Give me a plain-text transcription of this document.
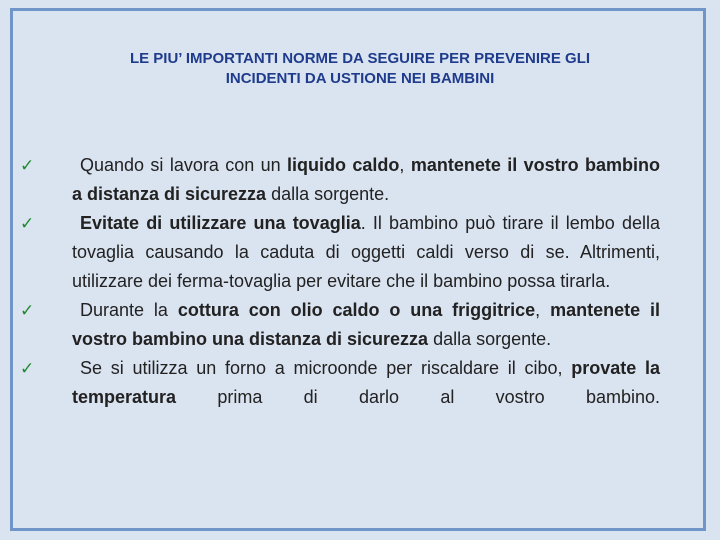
LE PIU’ IMPORTANTI NORME DA SEGUIRE PER PREVENIRE GLI
INCIDENTI DA USTIONE NEI BAMBINI
✓	Quando si lavora con un liquido caldo, mantenete il vostro bambino a distanza di sicurezza dalla sorgente.
✓	Evitate di utilizzare una tovaglia. Il bambino può tirare il lembo della tovaglia causando la caduta di oggetti caldi verso di se. Altrimenti, utilizzare dei ferma-tovaglia per evitare che il bambino possa tirarla.
✓	Durante la cottura con olio caldo o una friggitrice, mantenete il vostro bambino una distanza di sicurezza dalla sorgente.
✓	Se si utilizza un forno a microonde per riscaldare il cibo, provate la temperatura prima di darlo al vostro bambino.
